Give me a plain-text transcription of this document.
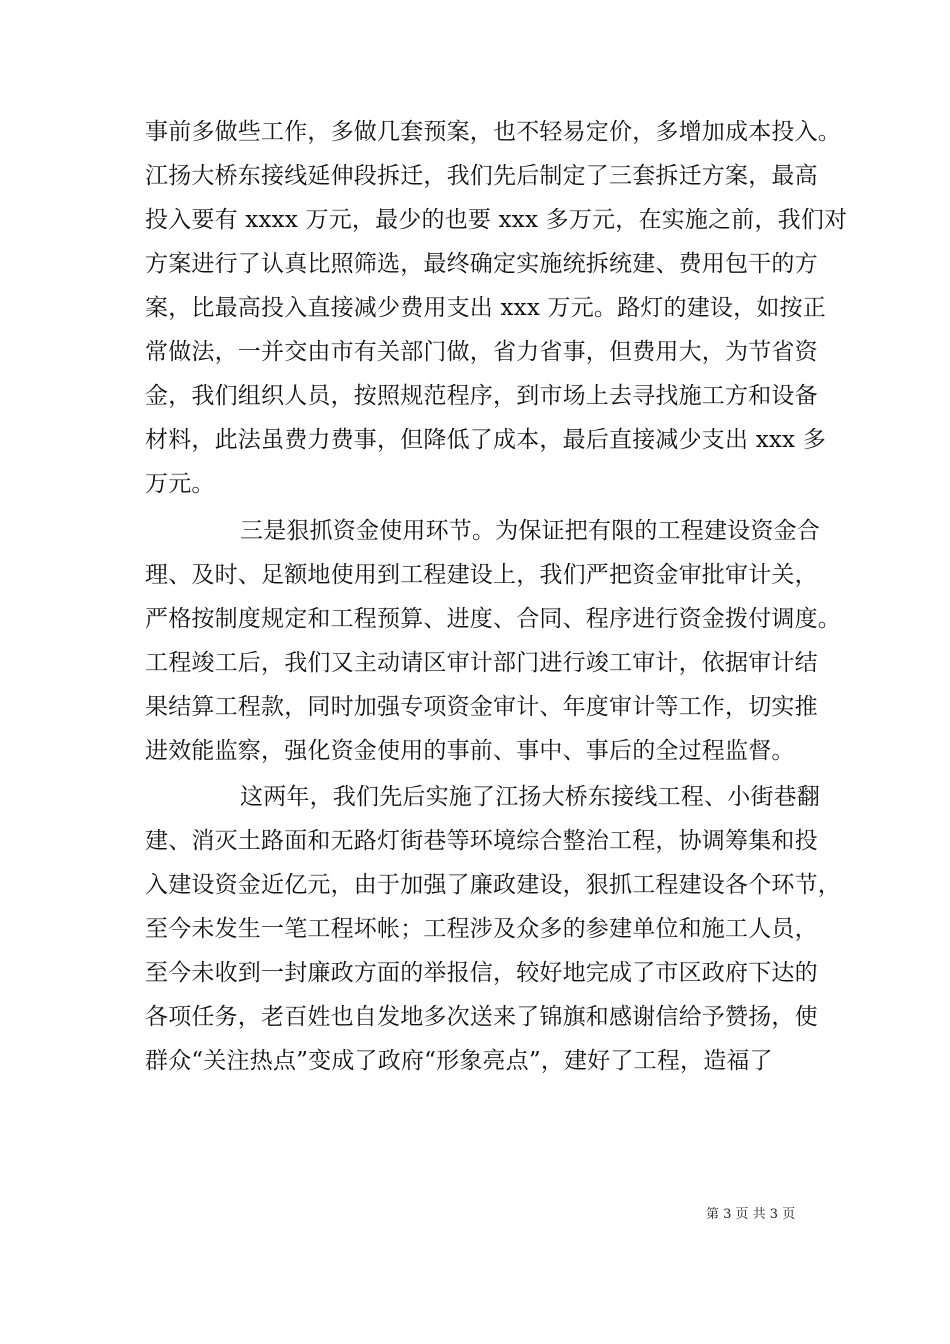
事前多做些工作，多做几套预案，也不轻易定价，多增加成本投入。
江扬大桥东接线延伸段拆迁，我们先后制定了三套拆迁方案，最高
投入要有 xxxx 万元，最少的也要 xxx 多万元，在实施之前，我们对
方案进行了认真比照筛选，最终确定实施统拆统建、费用包干的方
案，比最高投入直接减少费用支出 xxx 万元。路灯的建设，如按正
常做法，一并交由市有关部门做，省力省事，但费用大，为节省资
金，我们组织人员，按照规范程序，到市场上去寻找施工方和设备
材料，此法虽费力费事，但降低了成本，最后直接减少支出 xxx 多
万元。
三是狠抓资金使用环节。为保证把有限的工程建设资金合
理、及时、足额地使用到工程建设上，我们严把资金审批审计关，
严格按制度规定和工程预算、进度、合同、程序进行资金拨付调度。
工程竣工后，我们又主动请区审计部门进行竣工审计，依据审计结
果结算工程款，同时加强专项资金审计、年度审计等工作，切实推
进效能监察，强化资金使用的事前、事中、事后的全过程监督。
这两年，我们先后实施了江扬大桥东接线工程、小街巷翻
建、消灭土路面和无路灯街巷等环境综合整治工程，协调筹集和投
入建设资金近亿元，由于加强了廉政建设，狠抓工程建设各个环节，
至今未发生一笔工程坏帐；工程涉及众多的参建单位和施工人员，
至今未收到一封廉政方面的举报信，较好地完成了市区政府下达的
各项任务，老百姓也自发地多次送来了锦旗和感谢信给予赞扬，使
群众“关注热点”变成了政府“形象亮点”，建好了工程，造福了
第 3 页 共 3 页
